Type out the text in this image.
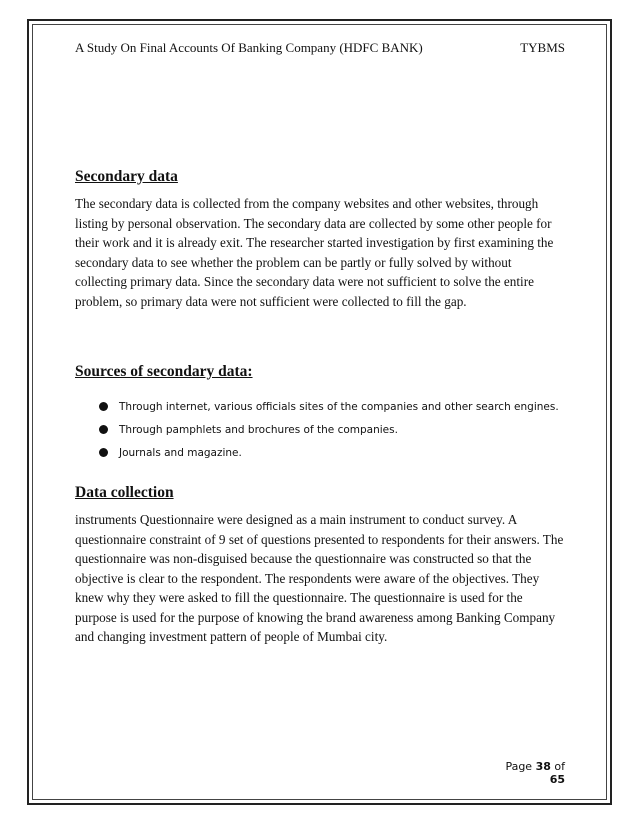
A Study On Final Accounts Of Banking Company (HDFC BANK)	TYBMS
Secondary data

The secondary data is collected from the company websites and other websites, through listing by personal observation. The secondary data are collected by some other people for their work and it is already exit. The researcher started investigation by first examining the secondary data to see whether the problem can be partly or fully solved by without collecting primary data. Since the secondary data were not sufficient to solve the entire problem, so primary data were not sufficient were collected to fill the gap.

Sources of secondary data:
Through internet, various officials sites of the companies and other search engines.
Through pamphlets and brochures of the companies.
Journals and magazine.
Data collection

instruments Questionnaire were designed as a main instrument to conduct survey. A questionnaire constraint of 9 set of questions presented to respondents for their answers. The questionnaire was non-disguised because the questionnaire was constructed so that the objective is clear to the respondent. The respondents were aware of the objectives. They knew why they were asked to fill the questionnaire. The questionnaire is used for the purpose is used for the purpose of knowing the brand awareness among Banking Company and changing investment pattern of people of Mumbai city.

Page 38 of 65
